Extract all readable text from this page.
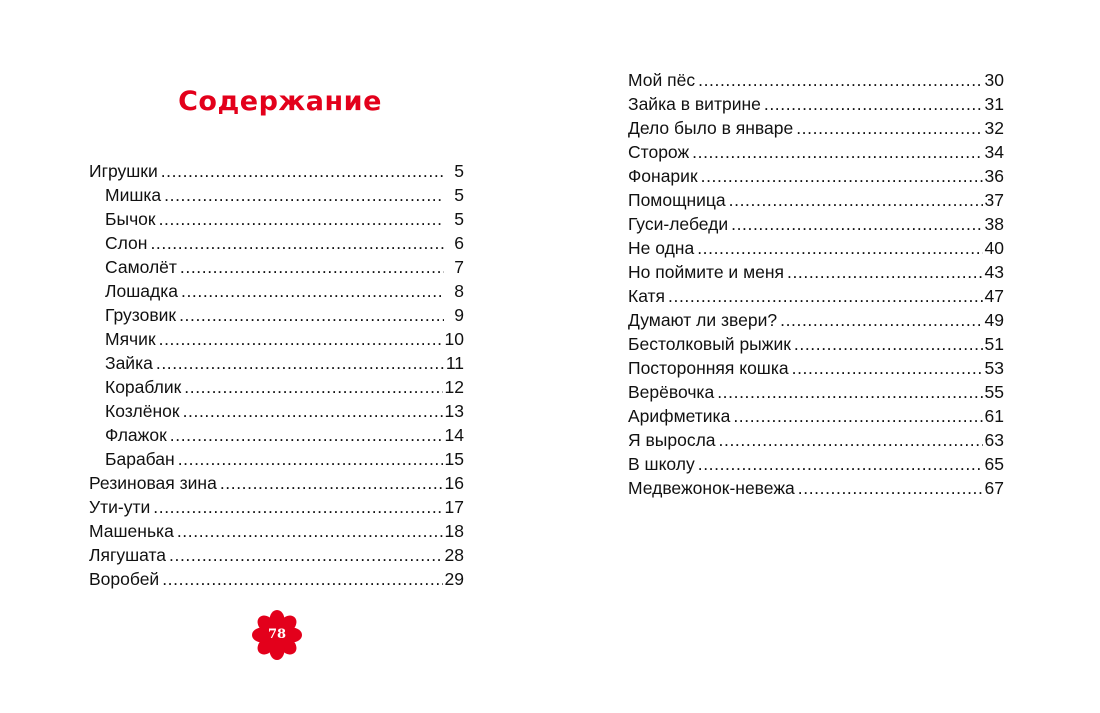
Содержание
Игрушки .....	5
Мишка .....	5
Бычок .....	5
Слон .....	6
Самолёт .....	7
Лошадка .....	8
Грузовик .....	9
Мячик .....	10
Зайка .....	11
Кораблик .....	12
Козлёнок .....	13
Флажок .....	14
Барабан .....	15
Резиновая зина .....	16
Ути-ути .....	17
Машенька .....	18
Лягушата .....	28
Воробей .....	29
Мой пёс .....	30
Зайка в витрине .....	31
Дело было в январе .....	32
Сторож .....	34
Фонарик .....	36
Помощница .....	37
Гуси-лебеди .....	38
Не одна .....	40
Но поймите и меня .....	43
Катя .....	47
Думают ли звери? .....	49
Бестолковый рыжик .....	51
Посторонняя кошка .....	53
Верёвочка .....	55
Арифметика .....	61
Я выросла .....	63
В школу .....	65
Медвежонок-невежа .....	67
78
